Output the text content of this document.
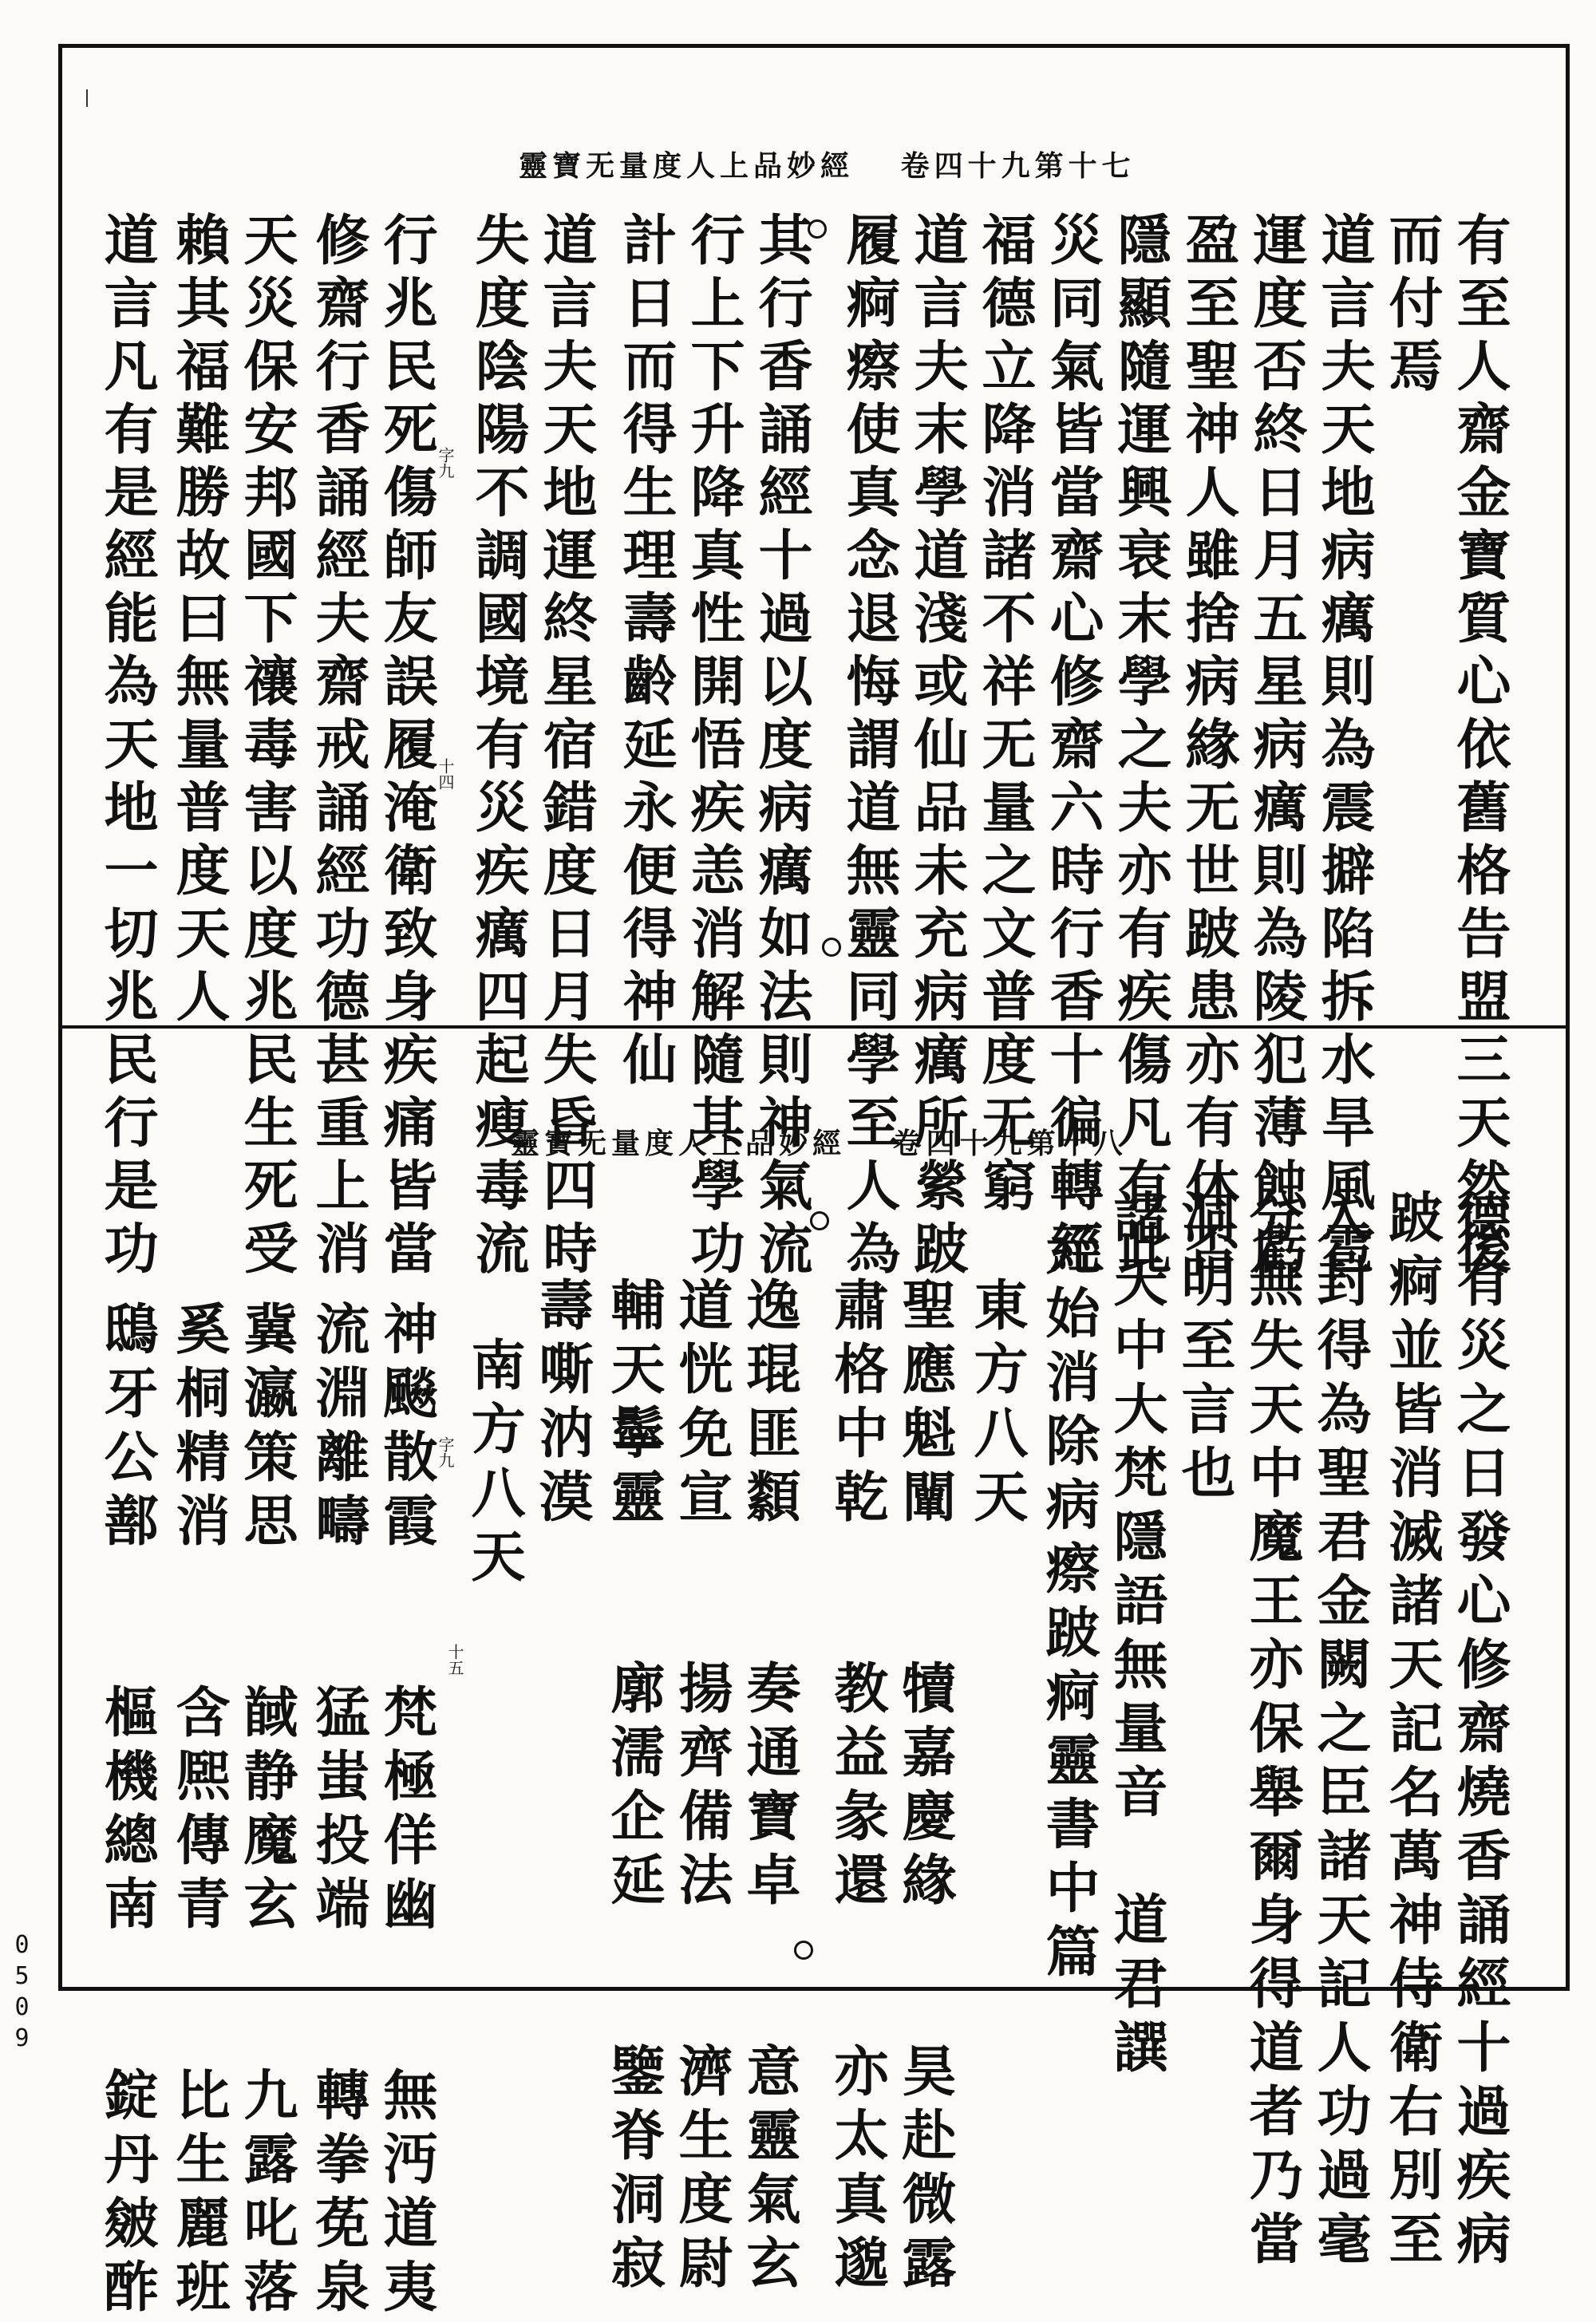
靈寶无量度人上品妙經 卷四十九第十七
靈寶无量度人上品妙經 卷四十九第十八	有至人齋金寶質心依舊格告盟三天然後
而付焉
道言夫天地病癘則為震擗陷拆水旱風雹
運度否終日月五星病癘則為陵犯薄蝕虧
盈至聖神人雖捨病緣无世跛患亦有休否
隱顯隨運興衰末學之夫亦有疾傷凡有此
災同氣皆當齋心修齋六時行香十徧轉經
福德立降消諸不祥无量之文普度无窮
道言夫末學道淺或仙品未充病癘所縈跛
履痾瘵使真念退悔謂道無靈同學至人為
其行香誦經十過以度病癘如法則神氣流
行上下升降真性開悟疾恙消解隨其學功
計日而得生理壽齡延永便得神仙
道言夫天地運終星宿錯度日月失昏四時
失度陰陽不調國境有災疾癘四起瘦毒流
行兆民死傷師友誤履淹衛致身疾痛皆當
修齋行香誦經夫齋戒誦經功德甚重上消
天災保安邦國下禳毒害以度兆民生死受
賴其福難勝故曰無量普度天人
道言凡有是經能為天地一切兆民行是功	字九
十四
德有災之日發心修齋燒香誦經十過疾病
跛痾並皆消滅諸天記名萬神侍衛右別至
入封得為聖君金闕之臣諸天記人功過毫
分無失天中魔王亦保舉爾身得道者乃當
洞明至言也
諸天中大梵隱語無量音　道君譔
元始消除病瘵跛痾靈書中篇
東方八天
聖應魁闡　　犢嘉慶緣　　昊赴微露
肅格中乾　　教益彖還　　亦太真邈
逸琨匪纇　　奏通寶卓　　意靈氣玄
道恍免宣　　揚齊備法　　濟生度尉
輔天鬡靈　　廓濡企延　　鑒脊洞寂
壽嘶汭漠
南方八天
神飈散霞　　梵極佯幽　　無沔道夷
流淵離疇　　猛蚩投端　　轉拳莬泉
冀瀛策思　　馘静魔玄　　九露叱落
奚桐精消　　含熈傳青　　比生麗班
鴟牙公鄯　　樞機總南　　錠丹皴酢	字九
十五
0509
